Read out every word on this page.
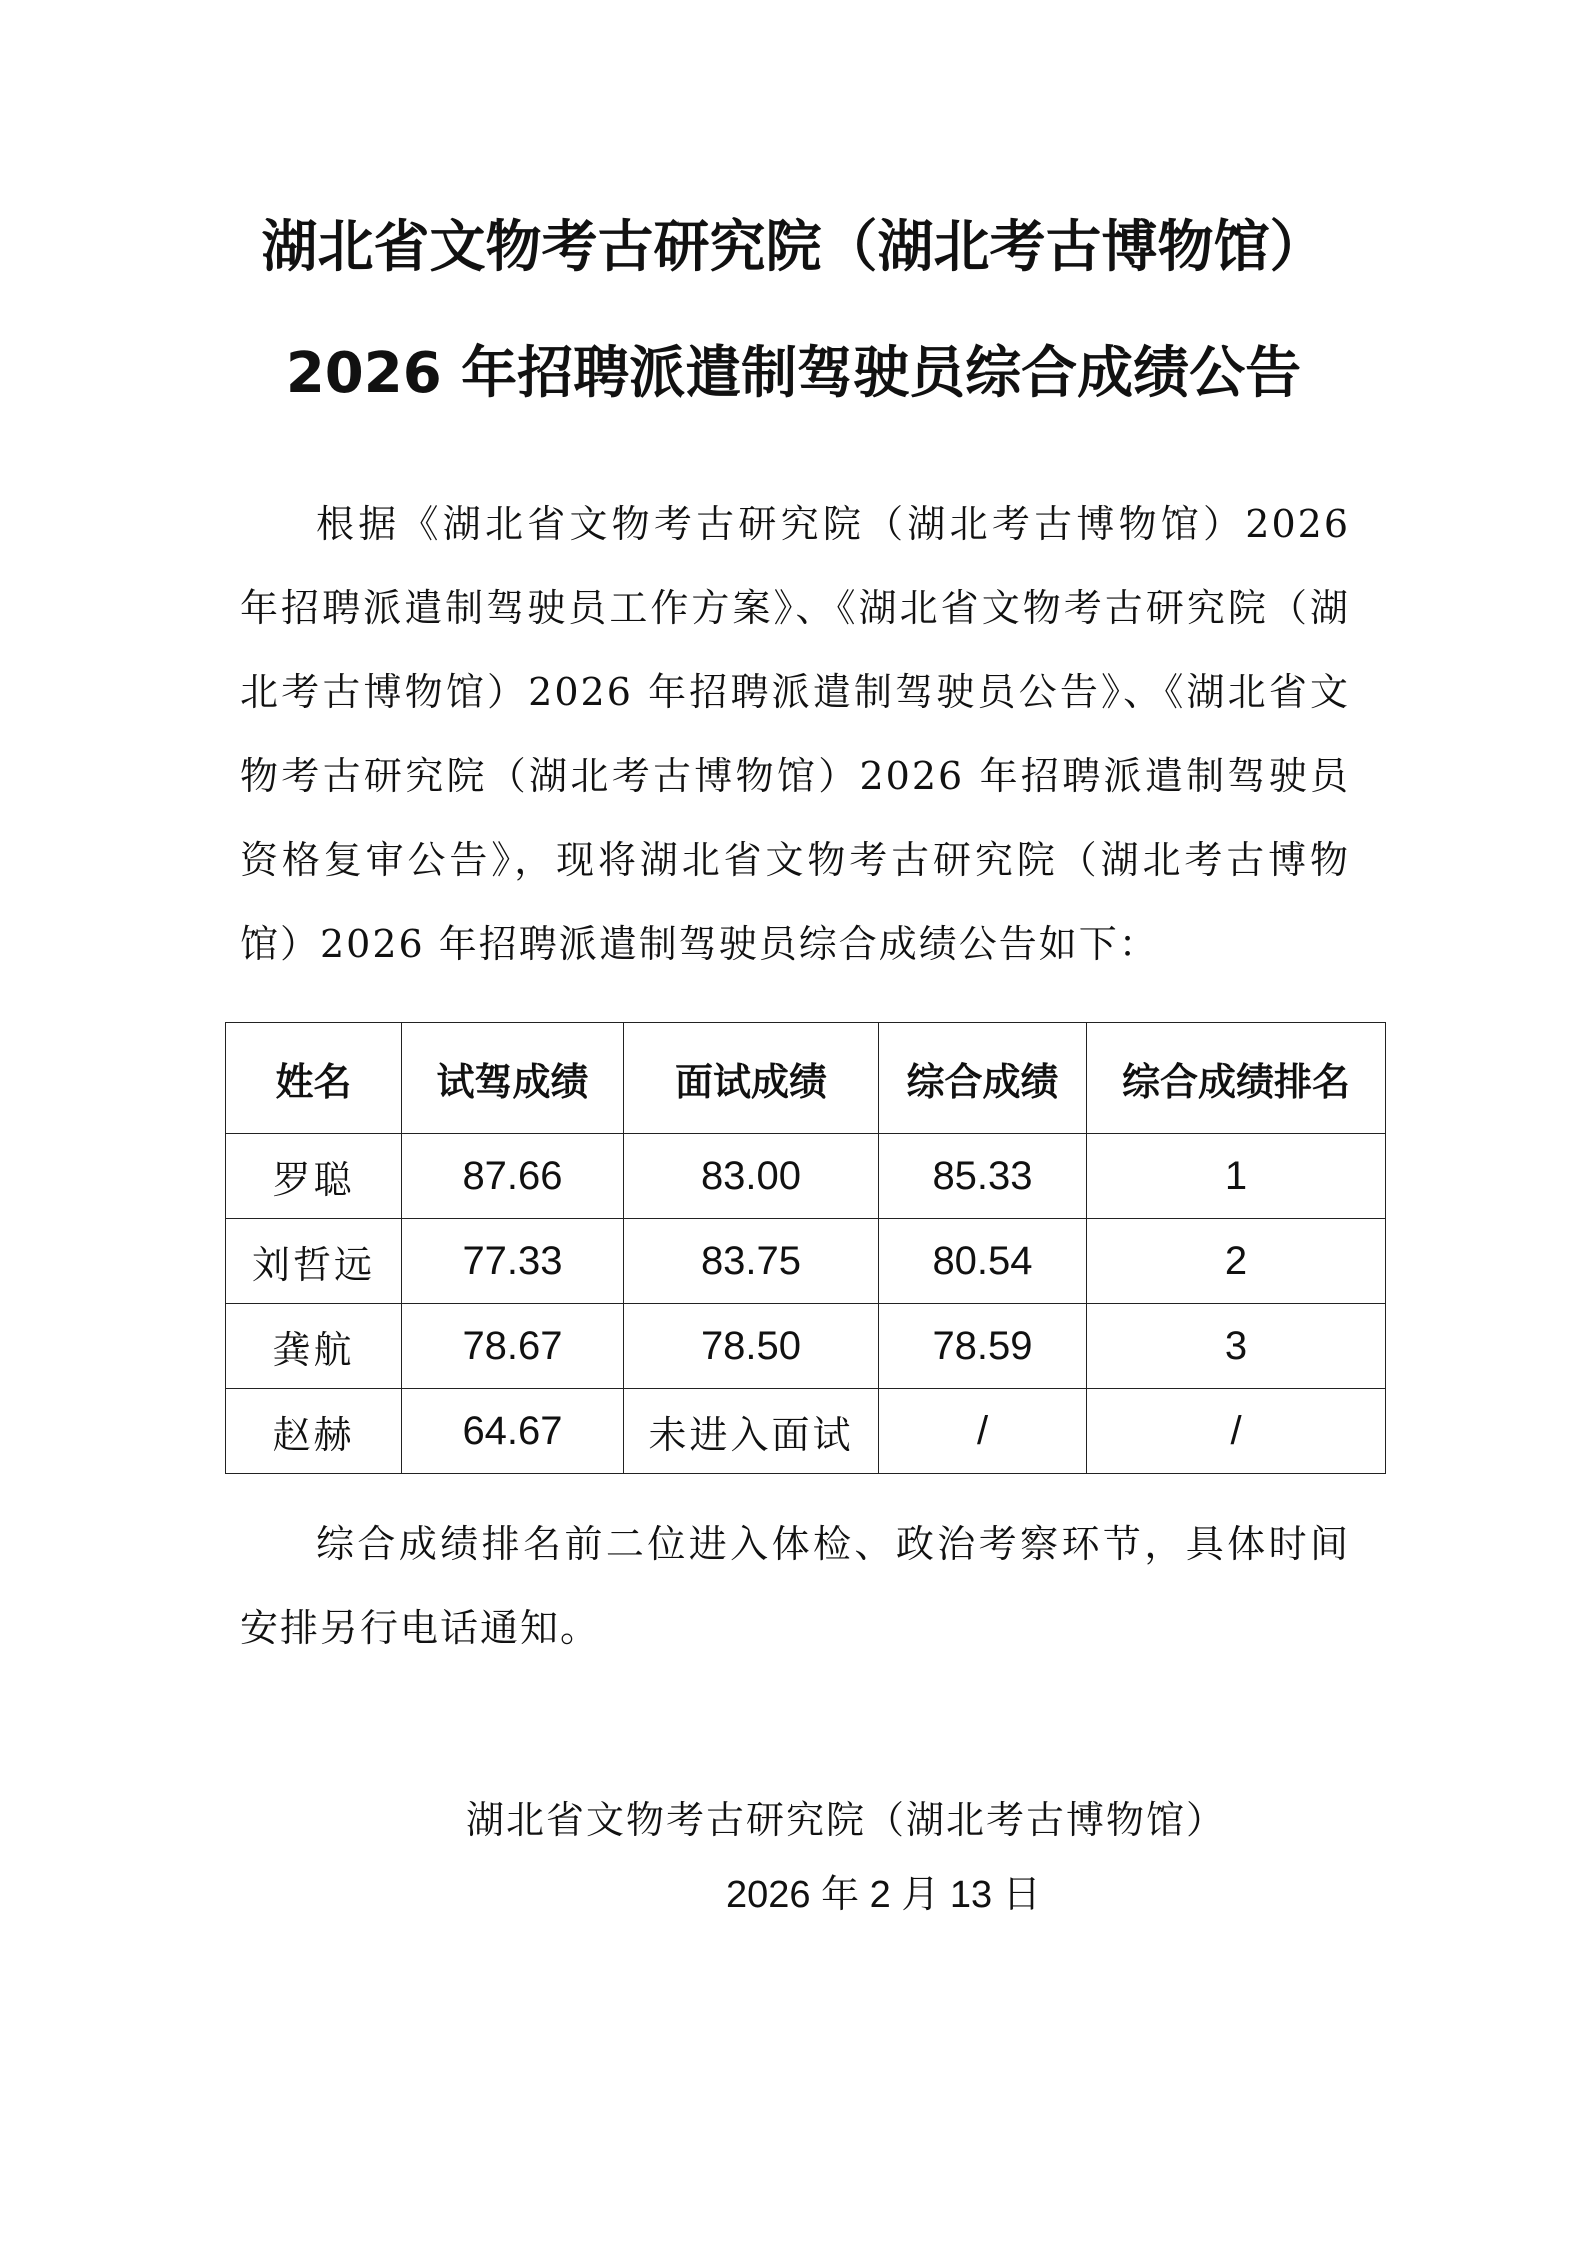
湖北省文物考古研究院（湖北考古博物馆）
2026 年招聘派遣制驾驶员综合成绩公告

根据《湖北省文物考古研究院（湖北考古博物馆）2026 年招聘派遣制驾驶员工作方案》、《湖北省文物考古研究院（湖北考古博物馆）2026 年招聘派遣制驾驶员公告》、《湖北省文物考古研究院（湖北考古博物馆）2026 年招聘派遣制驾驶员资格复审公告》，现将湖北省文物考古研究院（湖北考古博物馆）2026 年招聘派遣制驾驶员综合成绩公告如下：

姓名	试驾成绩	面试成绩	综合成绩	综合成绩排名
罗聪	87.66	83.00	85.33	1
刘哲远	77.33	83.75	80.54	2
龚航	78.67	78.50	78.59	3
赵赫	64.67	未进入面试	/	/

综合成绩排名前二位进入体检、政治考察环节，具体时间安排另行电话通知。

湖北省文物考古研究院（湖北考古博物馆）
2026 年 2 月 13 日
